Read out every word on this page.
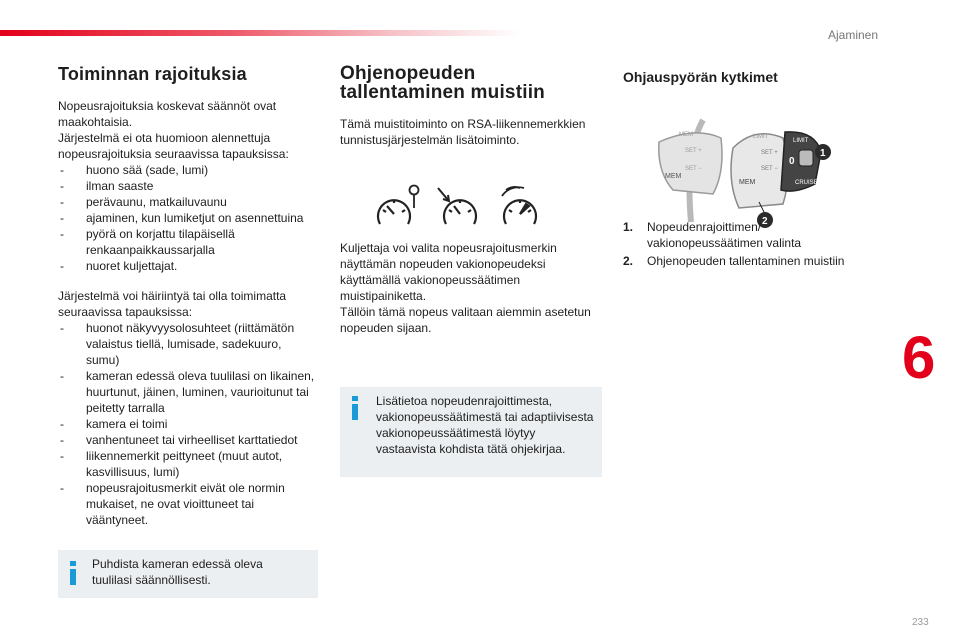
Ajaminen
Toiminnan rajoituksia

Nopeusrajoituksia koskevat säännöt ovat

maakohtaisia.

Järjestelmä ei ota huomioon alennettuja

nopeusrajoituksia seuraavissa tapauksissa:

- huono sää (sade, lumi)
- ilman saaste
- perävaunu, matkailuvaunu
- ajaminen, kun lumiketjut on asennettuina
- pyörä on korjattu tilapäisellä renkaanpaikkaussarjalla
- nuoret kuljettajat.

Järjestelmä voi häiriintyä tai olla toimimatta

seuraavissa tapauksissa:

- huonot näkyvyysolosuhteet (riittämätön valaistus tiellä, lumisade, sadekuuro, sumu)
- kameran edessä oleva tuulilasi on likainen, huurtunut, jäinen, luminen, vaurioitunut tai peitetty tarralla
- kamera ei toimi
- vanhentuneet tai virheelliset karttatiedot
- liikennemerkit peittyneet (muut autot, kasvillisuus, lumi)
- nopeusrajoitusmerkit eivät ole normin mukaiset, ne ovat vioittuneet tai vääntyneet.

Puhdista kameran edessä oleva

tuulilasi säännöllisesti.

Ohjenopeuden
tallentaminen muistiin

Tämä muistitoiminto on RSA-liikennemerkkien

tunnistusjärjestelmän lisätoiminto.

Kuljettaja voi valita nopeusrajoitusmerkin

näyttämän nopeuden vakionopeudeksi

käyttämällä vakionopeussäätimen

muistipainiketta.

Tällöin tämä nopeus valitaan aiemmin asetetun

nopeuden sijaan.

Lisätietoa nopeudenrajoittimesta,

vakionopeussäätimestä tai adaptiivisesta

vakionopeussäätimestä löytyy

vastaavista kohdista tätä ohjekirjaa.

Ohjauspyörän kytkimet
MEM
SET +
SET −
MEM
LIMIT
SET +
SET −
MEM
LIMIT
0
CRUISE
1
2
1. Nopeudenrajoittimen/

vakionopeussäätimen valinta

2. Ohjenopeuden tallentaminen muistiin

6
233
